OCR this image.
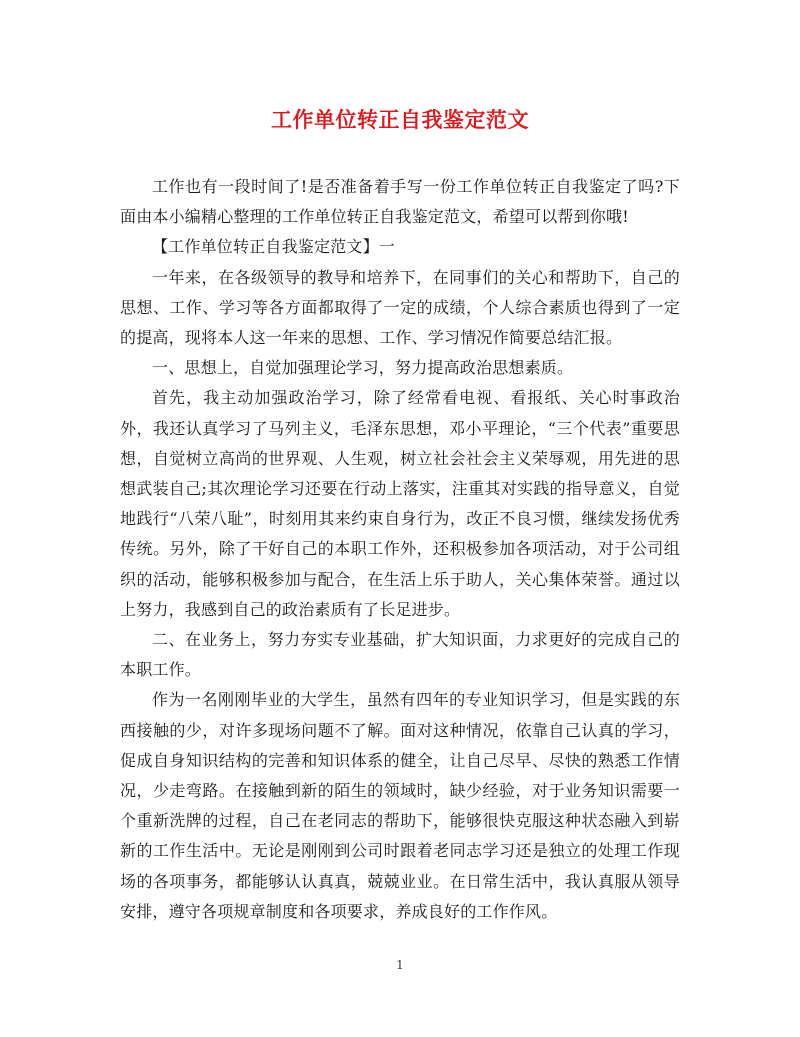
工作单位转正自我鉴定范文

工作也有一段时间了!是否准备着手写一份工作单位转正自我鉴定了吗?下面由本小编精心整理的工作单位转正自我鉴定范文，希望可以帮到你哦!

【工作单位转正自我鉴定范文】一

一年来，在各级领导的教导和培养下，在同事们的关心和帮助下，自己的思想、工作、学习等各方面都取得了一定的成绩，个人综合素质也得到了一定的提高，现将本人这一年来的思想、工作、学习情况作简要总结汇报。

一、思想上，自觉加强理论学习，努力提高政治思想素质。

首先，我主动加强政治学习，除了经常看电视、看报纸、关心时事政治外，我还认真学习了马列主义，毛泽东思想，邓小平理论，“三个代表”重要思想，自觉树立高尚的世界观、人生观，树立社会社会主义荣辱观，用先进的思想武装自己;其次理论学习还要在行动上落实，注重其对实践的指导意义，自觉地践行“八荣八耻”，时刻用其来约束自身行为，改正不良习惯，继续发扬优秀传统。另外，除了干好自己的本职工作外，还积极参加各项活动，对于公司组织的活动，能够积极参加与配合，在生活上乐于助人，关心集体荣誉。通过以上努力，我感到自己的政治素质有了长足进步。

二、在业务上，努力夯实专业基础，扩大知识面，力求更好的完成自己的本职工作。

作为一名刚刚毕业的大学生，虽然有四年的专业知识学习，但是实践的东西接触的少，对许多现场问题不了解。面对这种情况，依靠自己认真的学习，促成自身知识结构的完善和知识体系的健全，让自己尽早、尽快的熟悉工作情况，少走弯路。在接触到新的陌生的领域时，缺少经验，对于业务知识需要一个重新洗牌的过程，自己在老同志的帮助下，能够很快克服这种状态融入到崭新的工作生活中。无论是刚刚到公司时跟着老同志学习还是独立的处理工作现场的各项事务，都能够认认真真，兢兢业业。在日常生活中，我认真服从领导安排，遵守各项规章制度和各项要求，养成良好的工作作风。

1
